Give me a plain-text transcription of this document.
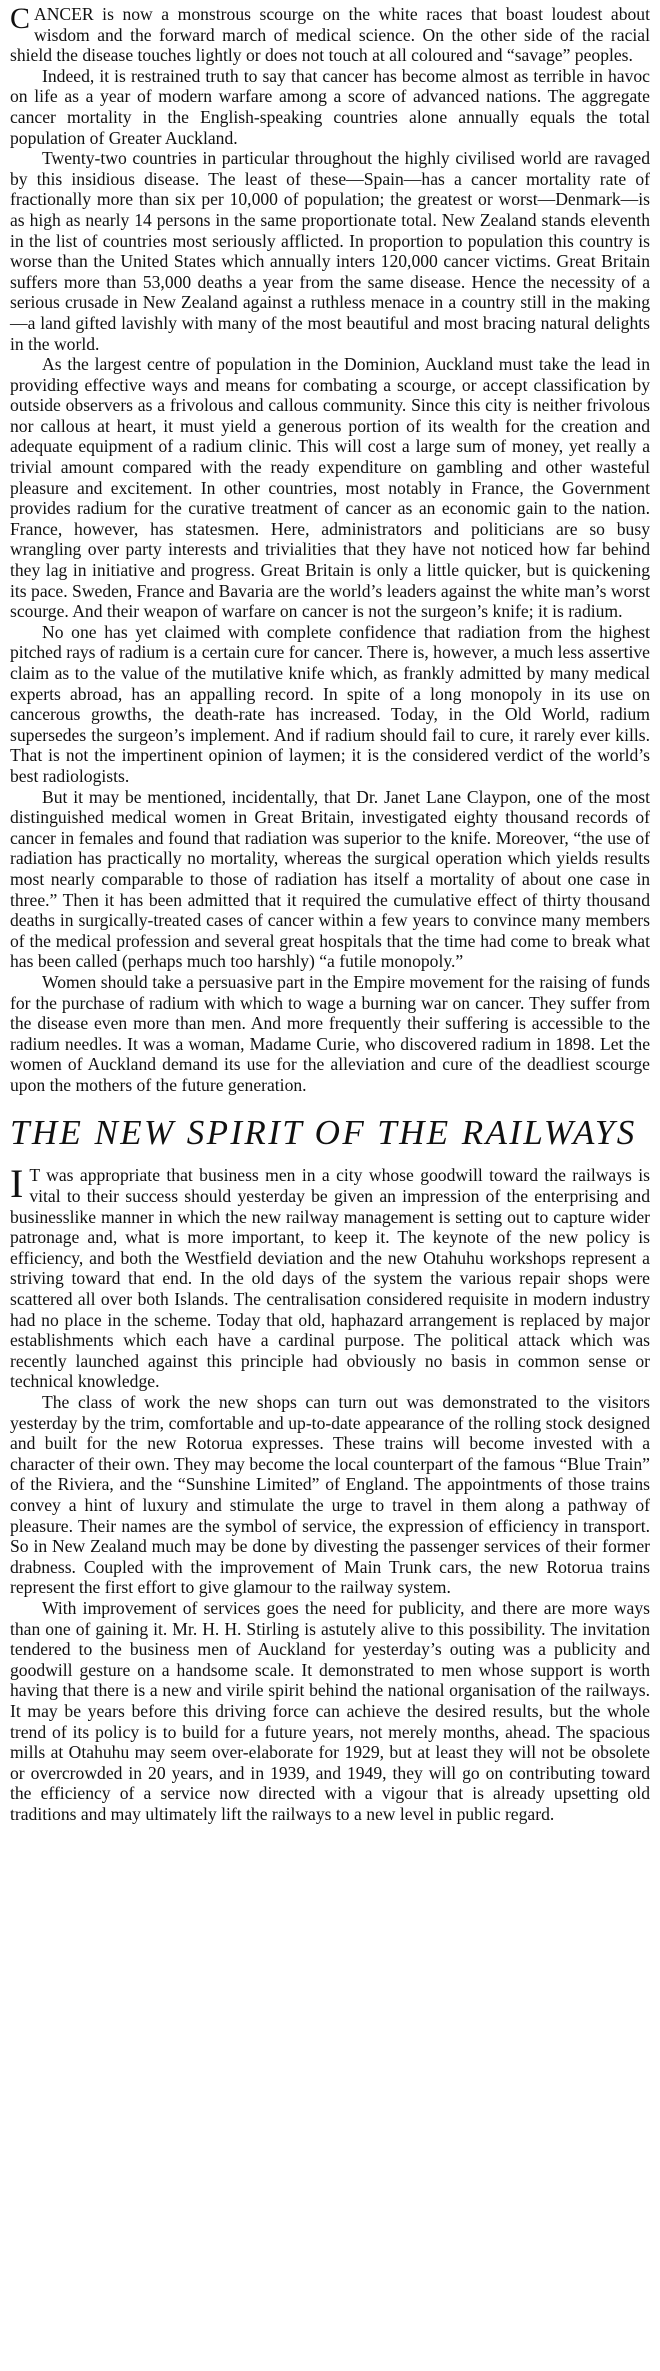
CANCER is now a monstrous scourge on the white races that boast loudest about wisdom and the forward march of medical science. On the other side of the racial shield the disease touches lightly or does not touch at all coloured and “savage” peoples.

Indeed, it is restrained truth to say that cancer has become almost as terrible in havoc on life as a year of modern warfare among a score of advanced nations. The aggregate cancer mortality in the English-speaking countries alone annually equals the total population of Greater Auckland.

Twenty-two countries in particular throughout the highly civilised world are ravaged by this insidious disease. The least of these—Spain—has a cancer mortality rate of fractionally more than six per 10,000 of population; the greatest or worst—Denmark—is as high as nearly 14 persons in the same proportionate total. New Zealand stands eleventh in the list of countries most seriously afflicted. In proportion to population this country is worse than the United States which annually inters 120,000 cancer victims. Great Britain suffers more than 53,000 deaths a year from the same disease. Hence the necessity of a serious crusade in New Zealand against a ruthless menace in a country still in the making—a land gifted lavishly with many of the most beautiful and most bracing natural delights in the world.

As the largest centre of population in the Dominion, Auckland must take the lead in providing effective ways and means for combating a scourge, or accept classification by outside observers as a frivolous and callous community. Since this city is neither frivolous nor callous at heart, it must yield a generous portion of its wealth for the creation and adequate equipment of a radium clinic. This will cost a large sum of money, yet really a trivial amount compared with the ready expenditure on gambling and other wasteful pleasure and excitement. In other countries, most notably in France, the Government provides radium for the curative treatment of cancer as an economic gain to the nation. France, however, has statesmen. Here, administrators and politicians are so busy wrangling over party interests and trivialities that they have not noticed how far behind they lag in initiative and progress. Great Britain is only a little quicker, but is quickening its pace. Sweden, France and Bavaria are the world’s leaders against the white man’s worst scourge. And their weapon of warfare on cancer is not the surgeon’s knife; it is radium.

No one has yet claimed with complete confidence that radiation from the highest pitched rays of radium is a certain cure for cancer. There is, however, a much less assertive claim as to the value of the mutilative knife which, as frankly admitted by many medical experts abroad, has an appalling record. In spite of a long monopoly in its use on cancerous growths, the death-rate has increased. Today, in the Old World, radium supersedes the surgeon’s implement. And if radium should fail to cure, it rarely ever kills. That is not the impertinent opinion of laymen; it is the considered verdict of the world’s best radiologists.

But it may be mentioned, incidentally, that Dr. Janet Lane Claypon, one of the most distinguished medical women in Great Britain, investigated eighty thousand records of cancer in females and found that radiation was superior to the knife. Moreover, “the use of radiation has practically no mortality, whereas the surgical operation which yields results most nearly comparable to those of radiation has itself a mortality of about one case in three.” Then it has been admitted that it required the cumulative effect of thirty thousand deaths in surgically-treated cases of cancer within a few years to convince many members of the medical profession and several great hospitals that the time had come to break what has been called (perhaps much too harshly) “a futile monopoly.”

Women should take a persuasive part in the Empire movement for the raising of funds for the purchase of radium with which to wage a burning war on cancer. They suffer from the disease even more than men. And more frequently their suffering is accessible to the radium needles. It was a woman, Madame Curie, who discovered radium in 1898. Let the women of Auckland demand its use for the alleviation and cure of the deadliest scourge upon the mothers of the future generation.

THE NEW SPIRIT OF THE RAILWAYS

IT was appropriate that business men in a city whose goodwill toward the railways is vital to their success should yesterday be given an impression of the enterprising and businesslike manner in which the new railway management is setting out to capture wider patronage and, what is more important, to keep it. The keynote of the new policy is efficiency, and both the Westfield deviation and the new Otahuhu workshops represent a striving toward that end. In the old days of the system the various repair shops were scattered all over both Islands. The centralisation considered requisite in modern industry had no place in the scheme. Today that old, haphazard arrangement is replaced by major establishments which each have a cardinal purpose. The political attack which was recently launched against this principle had obviously no basis in common sense or technical knowledge.

The class of work the new shops can turn out was demonstrated to the visitors yesterday by the trim, comfortable and up-to-date appearance of the rolling stock designed and built for the new Rotorua expresses. These trains will become invested with a character of their own. They may become the local counterpart of the famous “Blue Train” of the Riviera, and the “Sunshine Limited” of England. The appointments of those trains convey a hint of luxury and stimulate the urge to travel in them along a pathway of pleasure. Their names are the symbol of service, the expression of efficiency in transport. So in New Zealand much may be done by divesting the passenger services of their former drabness. Coupled with the improvement of Main Trunk cars, the new Rotorua trains represent the first effort to give glamour to the railway system.

With improvement of services goes the need for publicity, and there are more ways than one of gaining it. Mr. H. H. Stirling is astutely alive to this possibility. The invitation tendered to the business men of Auckland for yesterday’s outing was a publicity and goodwill gesture on a handsome scale. It demonstrated to men whose support is worth having that there is a new and virile spirit behind the national organisation of the railways. It may be years before this driving force can achieve the desired results, but the whole trend of its policy is to build for a future years, not merely months, ahead. The spacious mills at Otahuhu may seem over-elaborate for 1929, but at least they will not be obsolete or overcrowded in 20 years, and in 1939, and 1949, they will go on contributing toward the efficiency of a service now directed with a vigour that is already upsetting old traditions and may ultimately lift the railways to a new level in public regard.
